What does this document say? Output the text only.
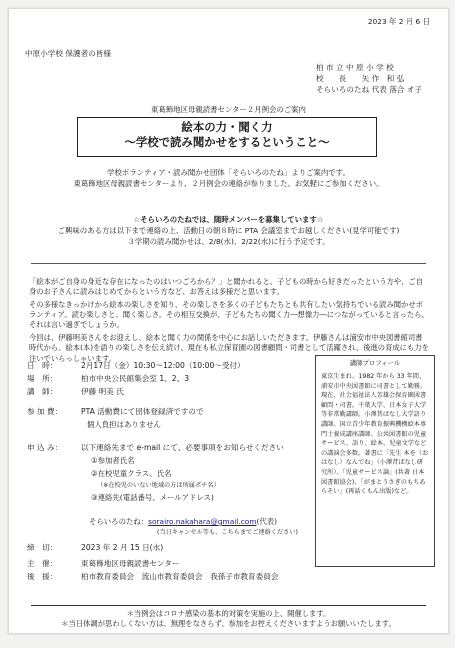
2023 年 2 月 6 日
中原小学校 保護者の皆様
柏 市 立 中 原 小 学 校
校　　長　　矢 作　和 弘
そらいろのたね 代表 落合 オ子
東葛飾地区母親読書センター２月例会のご案内
絵本の力・聞く力
～学校で読み聞かせをするということ～
学校ボランティア・読み聞かせ団体「そらいろのたね」よりご案内です。
東葛飾地区母親読書センターより、２月例会の連絡が参りました。お気軽にご参加ください。
☆そらいろのたねでは、随時メンバーを募集しています☆
ご興味のある方は以下まで連絡の上、活動日の朝８時に PTA 会議室までお越しください(見学可能です)
３学期の読み聞かせは、2/8(水)、2/22(水)に行う予定です。

「絵本がご自身の身近な存在になったのはいつごろから？」と聞かれると、子どもの時から好きだったという方や、ご自身のお子さんに読みはじめてからという方など、お答えは多様だと思います。

その多様なきっかけから絵本の楽しさを知り、その楽しさを多くの子どもたちとも共有したい気持ちでいる読み聞かせボランティア。読む楽しさと、聞く楽しさ。その相互交換が、子どもたちの聞く力―想像力―につながっていると言ったら、それは言い過ぎでしょうか。

今回は、伊藤明美さんをお迎えし、絵本と聞く力の関係を中心にお話しいただきます。伊藤さんは浦安市中央図書館司書時代から、絵本(本)を語りの楽しさを伝え続け、現在も私立保育園の図書顧問・司書として活躍され、後進の育成にも力を注いでいらっしゃいます。

日　時：	2月17日（金）10:30～12:00（10:00～受付）
場　所：	柏市中央公民館集会室 1、2、3
講　師：	伊藤 明美 氏
参 加 費： PTA 活動費にて団体登録済ですので
個人負担はありません
申 込 み： 以下連絡先まで e-mail にて、必要事項をお知らせください
①参加者氏名
②在校児童クラス、氏名
（※在校児のいない地域の方は所属ポチ名）
③連絡先(電話番号、メールアドレス)
そらいろのたね：sorairo.nakahara@gmail.com(代表)
(当日キャンセル等も、こちらまでご連絡ください)
締　切：	2023 年 2 月 15 日(水)
主　催：	東葛飾地区母親読書センター
後　援：	柏市教育委員会　流山市教育委員会　我孫子市教育委員会
講師プロフィール
東京生まれ。1982 年から 33 年間、浦安市中央図書館に司書として勤務。現在、社会福祉法人芳雄会保育園図書顧問・司書。千葉大学、日本女子大学等非常勤講師。小澤昔ばなし大学語り講師。国立青少年教育振興機構絵本専門士養成講座講師。公共図書館の児童サービス、語り、絵本、児童文学などの講演会多数。著書に「先生 本を（おはなし）なんでね」（小澤昔ばなし研究所）、「児童サービス論」(共著 日本図書館協会)、「がまとうさぎのもちあらそい」(再話くもん出版)など。
＊当例会はコロナ感染の基本的対策を実施の上、開催します。
＊当日体調が思わしくない方は、無理をなさらず、参加をお控えくださいますようお願いいたします。
